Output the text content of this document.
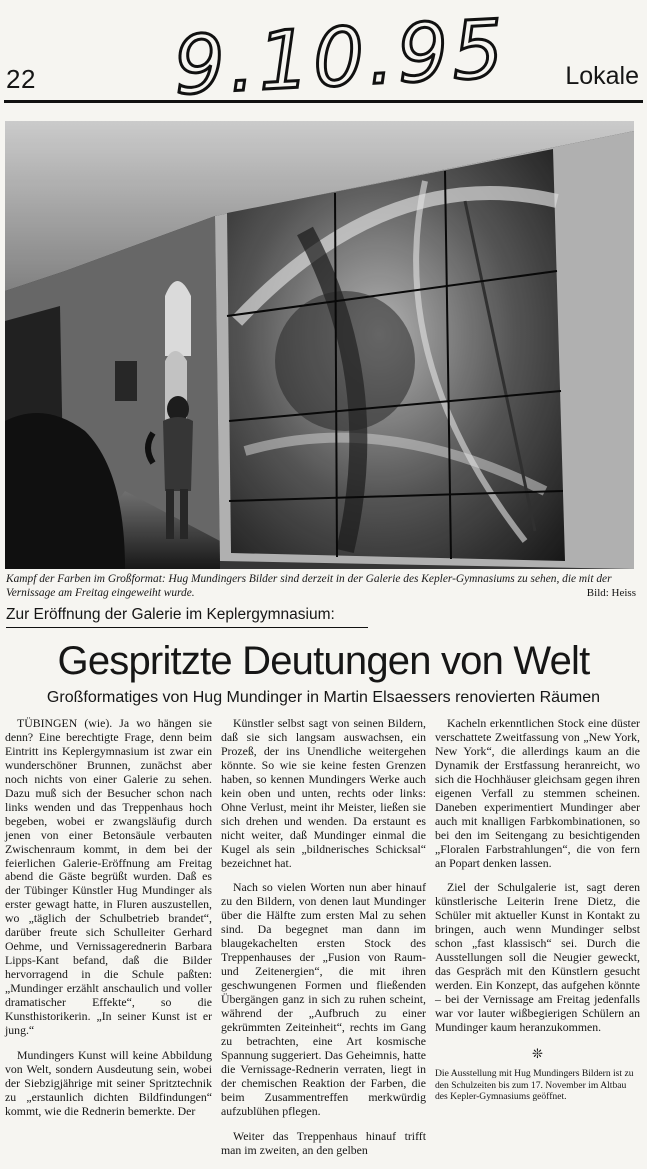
9.10.95
22	Lokale
Kampf der Farben im Großformat: Hug Mundingers Bilder sind derzeit in der Galerie des Kepler-Gymnasiums zu sehen, die mit der Vernissage am Freitag eingeweiht wurde.	Bild: Heiss
Zur Eröffnung der Galerie im Keplergymnasium:
Gespritzte Deutungen von Welt
Großformatiges von Hug Mundinger in Martin Elsaessers renovierten Räumen

TÜBINGEN (wie). Ja wo hängen sie denn? Eine berechtigte Frage, denn beim Eintritt ins Keplergymnasium ist zwar ein wunderschöner Brunnen, zunächst aber noch nichts von einer Galerie zu sehen. Dazu muß sich der Besucher schon nach links wenden und das Treppenhaus hoch begeben, wobei er zwangsläufig durch jenen von einer Betonsäule verbauten Zwischenraum kommt, in dem bei der feierlichen Galerie-Eröffnung am Freitag abend die Gäste begrüßt wurden. Daß es der Tübinger Künstler Hug Mundinger als erster gewagt hatte, in Fluren auszustellen, wo „täglich der Schulbetrieb brandet“, darüber freute sich Schulleiter Gerhard Oehme, und Vernissagerednerin Barbara Lipps-Kant befand, daß die Bilder hervorragend in die Schule paßten: „Mundinger erzählt anschaulich und voller dramatischer Effekte“, so die Kunsthistorikerin. „In seiner Kunst ist er jung.“

Mundingers Kunst will keine Abbildung von Welt, sondern Ausdeutung sein, wobei der Siebzigjährige mit seiner Spritztechnik zu „erstaunlich dichten Bildfindungen“ kommt, wie die Rednerin bemerkte. Der

Künstler selbst sagt von seinen Bildern, daß sie sich langsam auswachsen, ein Prozeß, der ins Unendliche weitergehen könnte. So wie sie keine festen Grenzen haben, so kennen Mundingers Werke auch kein oben und unten, rechts oder links: Ohne Verlust, meint ihr Meister, ließen sie sich drehen und wenden. Da erstaunt es nicht weiter, daß Mundinger einmal die Kugel als sein „bildnerisches Schicksal“ bezeichnet hat.

Nach so vielen Worten nun aber hinauf zu den Bildern, von denen laut Mundinger über die Hälfte zum ersten Mal zu sehen sind. Da begegnet man dann im blaugekachelten ersten Stock des Treppenhauses der „Fusion von Raum- und Zeitenergien“, die mit ihren geschwungenen Formen und fließenden Übergängen ganz in sich zu ruhen scheint, während der „Aufbruch zu einer gekrümmten Zeiteinheit“, rechts im Gang zu betrachten, eine Art kosmische Spannung suggeriert. Das Geheimnis, hatte die Vernissage-Rednerin verraten, liegt in der chemischen Reaktion der Farben, die beim Zusammentreffen merkwürdig aufzublühen pflegen.

Weiter das Treppenhaus hinauf trifft man im zweiten, an den gelben

Kacheln erkenntlichen Stock eine düster verschattete Zweitfassung von „New York, New York“, die allerdings kaum an die Dynamik der Erstfassung heranreicht, wo sich die Hochhäuser gleichsam gegen ihren eigenen Verfall zu stemmen scheinen. Daneben experimentiert Mundinger aber auch mit knalligen Farbkombinationen, so bei den im Seitengang zu besichtigenden „Floralen Farbstrahlungen“, die von fern an Popart denken lassen.

Ziel der Schulgalerie ist, sagt deren künstlerische Leiterin Irene Dietz, die Schüler mit aktueller Kunst in Kontakt zu bringen, auch wenn Mundinger selbst schon „fast klassisch“ sei. Durch die Ausstellungen soll die Neugier geweckt, das Gespräch mit den Künstlern gesucht werden. Ein Konzept, das aufgehen könnte – bei der Vernissage am Freitag jedenfalls war vor lauter wißbegierigen Schülern an Mundinger kaum heranzukommen.

❊

Die Ausstellung mit Hug Mundingers Bildern ist zu den Schulzeiten bis zum 17. November im Altbau des Kepler-Gymnasiums geöffnet.
